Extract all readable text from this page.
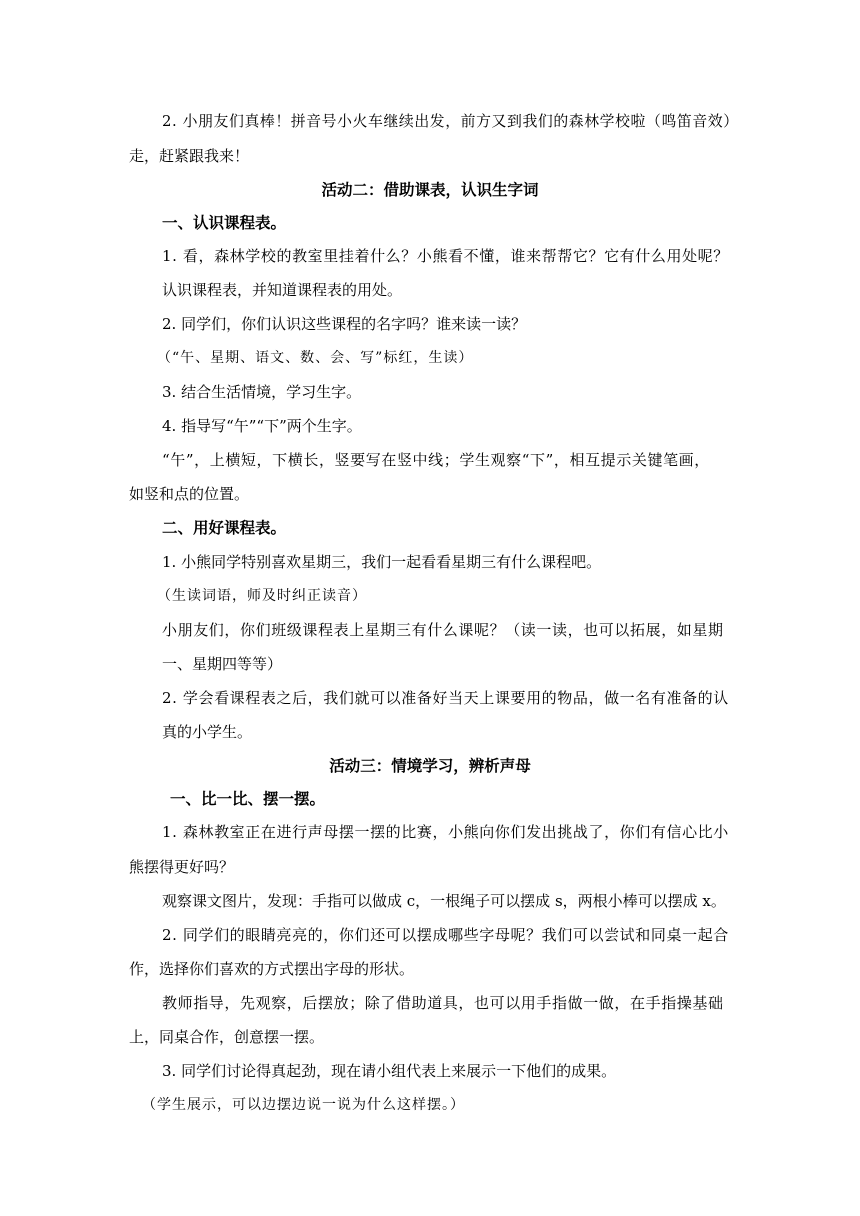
2. 小朋友们真棒！拼音号小火车继续出发，前方又到我们的森林学校啦（鸣笛音效）
走，赶紧跟我来！
活动二：借助课表，认识生字词
一、认识课程表。
1. 看，森林学校的教室里挂着什么？小熊看不懂，谁来帮帮它？它有什么用处呢？
认识课程表，并知道课程表的用处。
2. 同学们，你们认识这些课程的名字吗？谁来读一读？
（“午、星期、语文、数、会、写”标红，生读）
3. 结合生活情境，学习生字。
4. 指导写“午”“下”两个生字。
“午”，上横短，下横长，竖要写在竖中线；学生观察“下”，相互提示关键笔画，
如竖和点的位置。
二、用好课程表。
1. 小熊同学特别喜欢星期三，我们一起看看星期三有什么课程吧。
（生读词语，师及时纠正读音）
小朋友们，你们班级课程表上星期三有什么课呢？（读一读，也可以拓展，如星期
一、星期四等等）
2. 学会看课程表之后，我们就可以准备好当天上课要用的物品，做一名有准备的认
真的小学生。
活动三：情境学习，辨析声母
一、比一比、摆一摆。
1. 森林教室正在进行声母摆一摆的比赛，小熊向你们发出挑战了，你们有信心比小
熊摆得更好吗？
观察课文图片，发现：手指可以做成 c，一根绳子可以摆成 s，两根小棒可以摆成 x。
2. 同学们的眼睛亮亮的，你们还可以摆成哪些字母呢？我们可以尝试和同桌一起合
作，选择你们喜欢的方式摆出字母的形状。
教师指导，先观察，后摆放；除了借助道具，也可以用手指做一做，在手指操基础
上，同桌合作，创意摆一摆。
3. 同学们讨论得真起劲，现在请小组代表上来展示一下他们的成果。
（学生展示，可以边摆边说一说为什么这样摆。）
